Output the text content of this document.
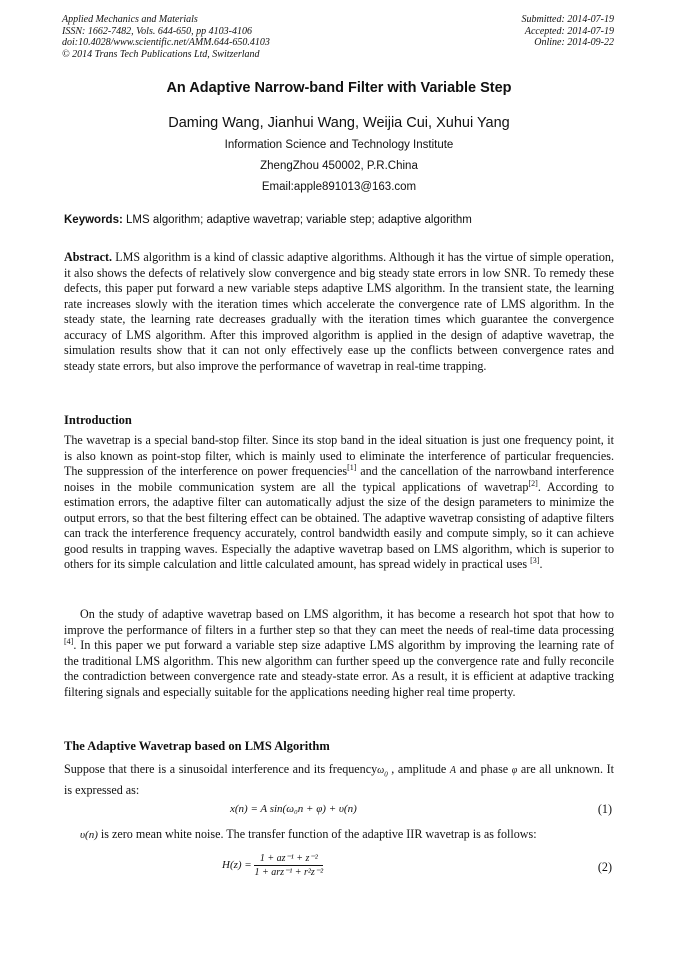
Applied Mechanics and Materials
ISSN: 1662-7482, Vols. 644-650, pp 4103-4106
doi:10.4028/www.scientific.net/AMM.644-650.4103
© 2014 Trans Tech Publications Ltd, Switzerland
Submitted: 2014-07-19
Accepted: 2014-07-19
Online: 2014-09-22
An Adaptive Narrow-band Filter with Variable Step
Daming Wang, Jianhui Wang, Weijia Cui, Xuhui Yang
Information Science and Technology Institute
ZhengZhou 450002, P.R.China
Email:apple891013@163.com
Keywords: LMS algorithm; adaptive wavetrap; variable step; adaptive algorithm
Abstract. LMS algorithm is a kind of classic adaptive algorithms. Although it has the virtue of simple operation, it also shows the defects of relatively slow convergence and big steady state errors in low SNR. To remedy these defects, this paper put forward a new variable steps adaptive LMS algorithm. In the transient state, the learning rate increases slowly with the iteration times which accelerate the convergence rate of LMS algorithm. In the steady state, the learning rate decreases gradually with the iteration times which guarantee the convergence accuracy of LMS algorithm. After this improved algorithm is applied in the design of adaptive wavetrap, the simulation results show that it can not only effectively ease up the conflicts between convergence rates and steady state errors, but also improve the performance of wavetrap in real-time trapping.
Introduction
The wavetrap is a special band-stop filter. Since its stop band in the ideal situation is just one frequency point, it is also known as point-stop filter, which is mainly used to eliminate the interference of particular frequencies. The suppression of the interference on power frequencies[1] and the cancellation of the narrowband interference noises in the mobile communication system are all the typical applications of wavetrap[2]. According to estimation errors, the adaptive filter can automatically adjust the size of the design parameters to minimize the output errors, so that the best filtering effect can be obtained. The adaptive wavetrap consisting of adaptive filters can track the interference frequency accurately, control bandwidth easily and compute simply, so it can achieve good results in trapping waves. Especially the adaptive wavetrap based on LMS algorithm, which is superior to others for its simple calculation and little calculated amount, has spread widely in practical uses [3].
On the study of adaptive wavetrap based on LMS algorithm, it has become a research hot spot that how to improve the performance of filters in a further step so that they can meet the needs of real-time data processing [4]. In this paper we put forward a variable step size adaptive LMS algorithm by improving the learning rate of the traditional LMS algorithm. This new algorithm can further speed up the convergence rate and fully reconcile the contradiction between convergence rate and steady-state error. As a result, it is efficient at adaptive tracking filtering signals and especially suitable for the applications needing higher real time property.
The Adaptive Wavetrap based on LMS Algorithm
Suppose that there is a sinusoidal interference and its frequencyω$_0$ , amplitude A and phase φ are all unknown. It is expressed as:
x(n) = A sin(ω₀n + φ) + υ(n)	(1)
υ(n) is zero mean white noise. The transfer function of the adaptive IIR wavetrap is as follows:
$H(z) = \frac{\text{1 + az⁻¹ + z⁻²}}{\text{1 + arz⁻¹ + r²z⁻²}}$	(2)
